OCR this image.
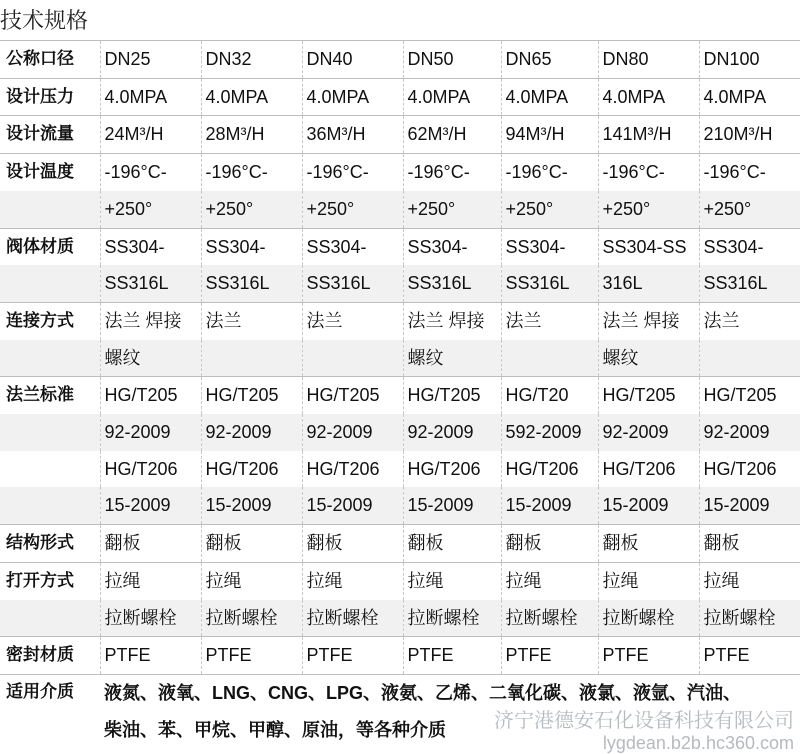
技术规格
公称口径	DN25	DN32	DN40	DN50	DN65	DN80	DN100
设计压力	4.0MPA	4.0MPA	4.0MPA	4.0MPA	4.0MPA	4.0MPA	4.0MPA
设计流量	24M³/H	28M³/H	36M³/H	62M³/H	94M³/H	141M³/H	210M³/H
设计温度	-196°C-	-196°C-	-196°C-	-196°C-	-196°C-	-196°C-	-196°C-
	+250°	+250°	+250°	+250°	+250°	+250°	+250°
阀体材质	SS304-	SS304-	SS304-	SS304-	SS304-	SS304-SS	SS304-
	SS316L	SS316L	SS316L	SS316L	SS316L	316L	SS316L
连接方式	法兰 焊接	法兰	法兰	法兰 焊接	法兰	法兰 焊接	法兰
	螺纹			螺纹		螺纹	
法兰标准	HG/T205	HG/T205	HG/T205	HG/T205	HG/T20	HG/T205	HG/T205
	92-2009	92-2009	92-2009	92-2009	592-2009	92-2009	92-2009
	HG/T206	HG/T206	HG/T206	HG/T206	HG/T206	HG/T206	HG/T206
	15-2009	15-2009	15-2009	15-2009	15-2009	15-2009	15-2009
结构形式	翻板	翻板	翻板	翻板	翻板	翻板	翻板
打开方式	拉绳	拉绳	拉绳	拉绳	拉绳	拉绳	拉绳
	拉断螺栓	拉断螺栓	拉断螺栓	拉断螺栓	拉断螺栓	拉断螺栓	拉断螺栓
密封材质	PTFE	PTFE	PTFE	PTFE	PTFE	PTFE	PTFE
适用介质	液氮、液氧、LNG、CNG、LPG、液氨、乙烯、二氧化碳、液氯、液氩、汽油、
柴油、苯、甲烷、甲醇、原油，等各种介质							济宁港德安石化设备科技有限公司
lygdean.b2b.hc360.com
